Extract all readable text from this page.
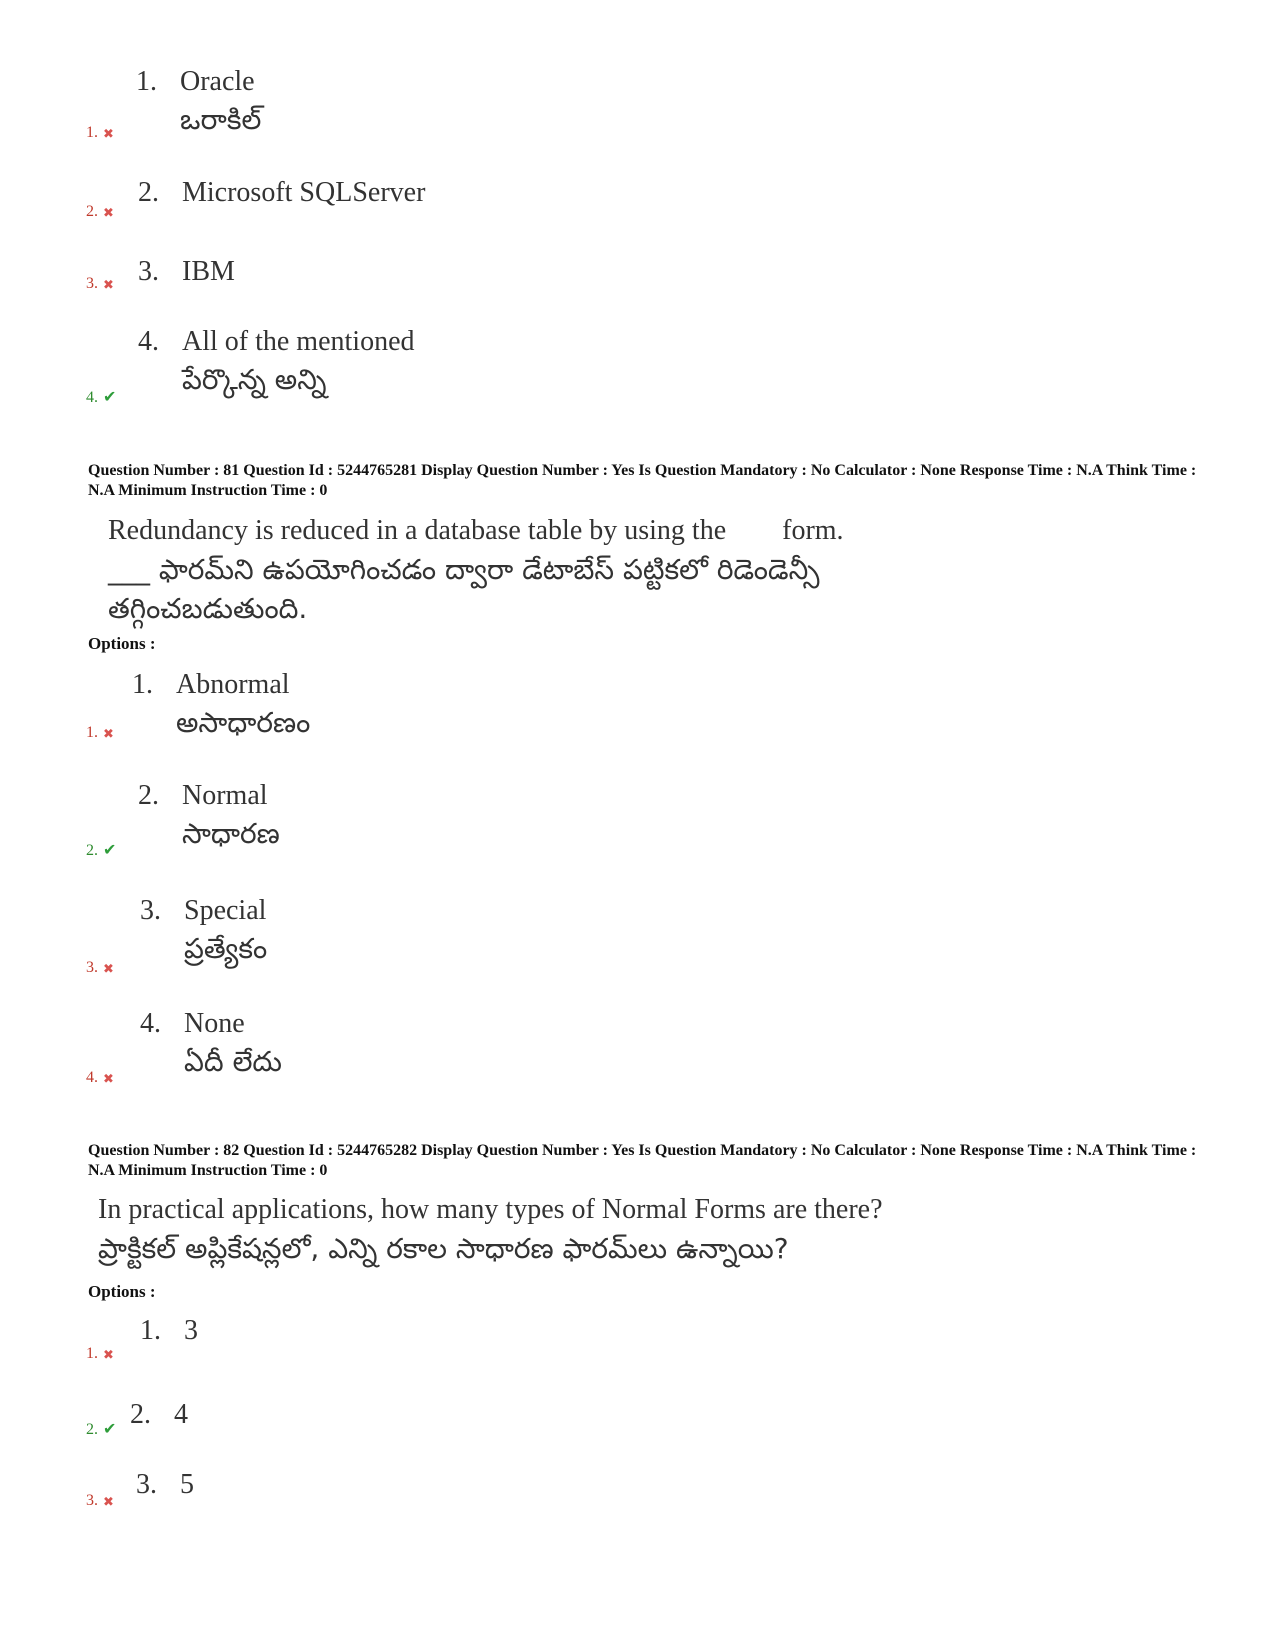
1. Oracle
ఒరాకిల్
1. ✖
2. Microsoft SQLServer
2. ✖
3. IBM
3. ✖
4. All of the mentioned
పేర్కొన్న అన్ని
4. ✔
Question Number : 81 Question Id : 5244765281 Display Question Number : Yes Is Question Mandatory : No Calculator : None Response Time : N.A Think Time : N.A Minimum Instruction Time : 0
Redundancy is reduced in a database table by using the        form.
___ ఫారమ్‌ని ఉపయోగించడం ద్వారా డేటాబేస్ పట్టికలో రిడెండెన్సీ
తగ్గించబడుతుంది.
Options :
1. Abnormal
అసాధారణం
1. ✖
2. Normal
సాధారణ
2. ✔
3. Special
ప్రత్యేకం
3. ✖
4. None
ఏదీ లేదు
4. ✖
Question Number : 82 Question Id : 5244765282 Display Question Number : Yes Is Question Mandatory : No Calculator : None Response Time : N.A Think Time : N.A Minimum Instruction Time : 0
In practical applications, how many types of Normal Forms are there?
ప్రాక్టికల్ అప్లికేషన్లలో, ఎన్ని రకాల సాధారణ ఫారమ్‌లు ఉన్నాయి?
Options :
1. 3
1. ✖
2. 4
2. ✔
3. 5
3. ✖
